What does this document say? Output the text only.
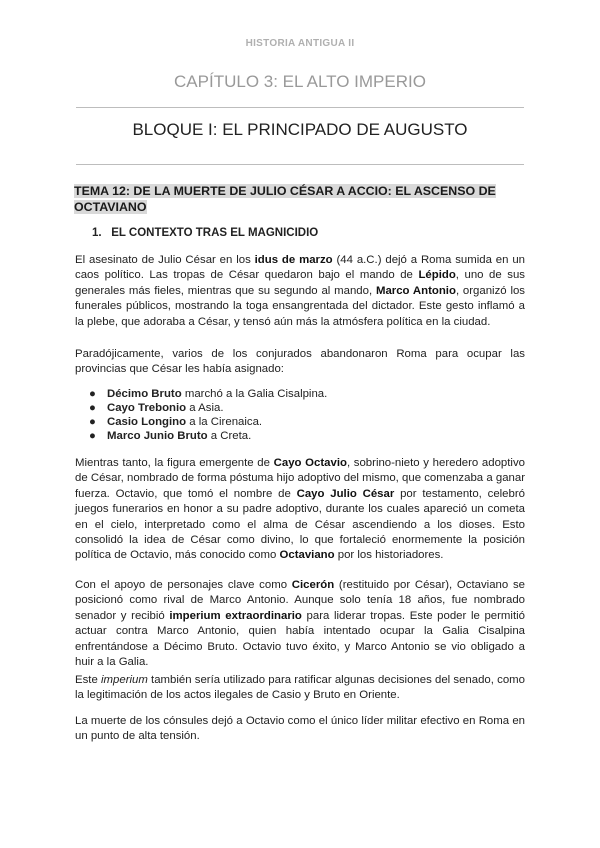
HISTORIA ANTIGUA II
CAPÍTULO 3: EL ALTO IMPERIO
BLOQUE I: EL PRINCIPADO DE AUGUSTO
TEMA 12: DE LA MUERTE DE JULIO CÉSAR A ACCIO: EL ASCENSO DE OCTAVIANO
1. EL CONTEXTO TRAS EL MAGNICIDIO
El asesinato de Julio César en los idus de marzo (44 a.C.) dejó a Roma sumida en un caos político. Las tropas de César quedaron bajo el mando de Lépido, uno de sus generales más fieles, mientras que su segundo al mando, Marco Antonio, organizó los funerales públicos, mostrando la toga ensangrentada del dictador. Este gesto inflamó a la plebe, que adoraba a César, y tensó aún más la atmósfera política en la ciudad.
Paradójicamente, varios de los conjurados abandonaron Roma para ocupar las provincias que César les había asignado:
● Décimo Bruto marchó a la Galia Cisalpina.
● Cayo Trebonio a Asia.
● Casio Longino a la Cirenaica.
● Marco Junio Bruto a Creta.
Mientras tanto, la figura emergente de Cayo Octavio, sobrino-nieto y heredero adoptivo de César, nombrado de forma póstuma hijo adoptivo del mismo, que comenzaba a ganar fuerza. Octavio, que tomó el nombre de Cayo Julio César por testamento, celebró juegos funerarios en honor a su padre adoptivo, durante los cuales apareció un cometa en el cielo, interpretado como el alma de César ascendiendo a los dioses. Esto consolidó la idea de César como divino, lo que fortaleció enormemente la posición política de Octavio, más conocido como Octaviano por los historiadores.
Con el apoyo de personajes clave como Cicerón (restituido por César), Octaviano se posicionó como rival de Marco Antonio. Aunque solo tenía 18 años, fue nombrado senador y recibió imperium extraordinario para liderar tropas. Este poder le permitió actuar contra Marco Antonio, quien había intentado ocupar la Galia Cisalpina enfrentándose a Décimo Bruto. Octavio tuvo éxito, y Marco Antonio se vio obligado a huir a la Galia.
Este imperium también sería utilizado para ratificar algunas decisiones del senado, como la legitimación de los actos ilegales de Casio y Bruto en Oriente.
La muerte de los cónsules dejó a Octavio como el único líder militar efectivo en Roma en un punto de alta tensión.
